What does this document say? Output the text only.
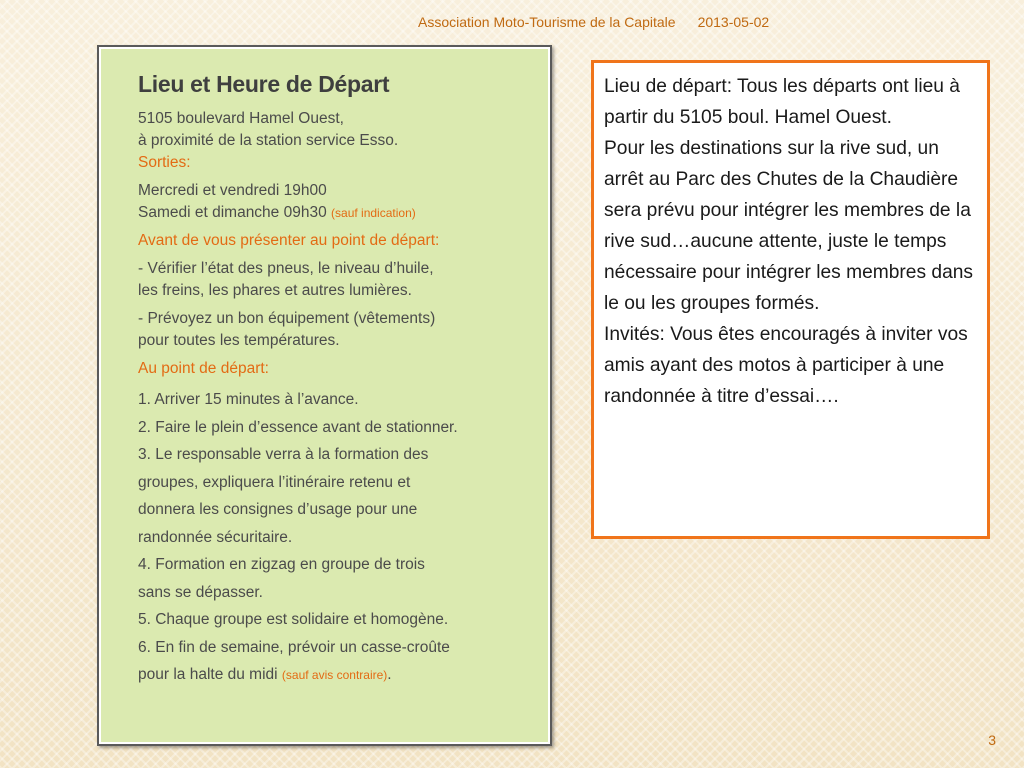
Association Moto-Tourisme de la Capitale 2013-05-02
Lieu et Heure de Départ

5105 boulevard Hamel Ouest,

à proximité de la station service Esso.

Sorties:

Mercredi et vendredi 19h00

Samedi et dimanche 09h30 (sauf indication)

Avant de vous présenter au point de départ:

- Vérifier l’état des pneus, le niveau d’huile,

les freins, les phares et autres lumières.

- Prévoyez un bon équipement (vêtements)

pour toutes les températures.

Au point de départ:

1. Arriver 15 minutes à l’avance.

2. Faire le plein d’essence avant de stationner.

3. Le responsable verra à la formation des

groupes, expliquera l’itinéraire retenu et

donnera les consignes d’usage pour une

randonnée sécuritaire.

4. Formation en zigzag en groupe de trois

sans se dépasser.

5. Chaque groupe est solidaire et homogène.

6. En fin de semaine, prévoir un casse-croûte

pour la halte du midi (sauf avis contraire).

Lieu de départ: Tous les départs ont lieu à partir du 5105 boul. Hamel Ouest.

Pour les destinations sur la rive sud, un arrêt au Parc des Chutes de la Chaudière sera prévu pour intégrer les membres de la rive sud…aucune attente, juste le temps nécessaire pour intégrer les membres dans le ou les groupes formés.

Invités: Vous êtes encouragés à inviter vos amis ayant des motos à participer à une randonnée à titre d’essai….

3
